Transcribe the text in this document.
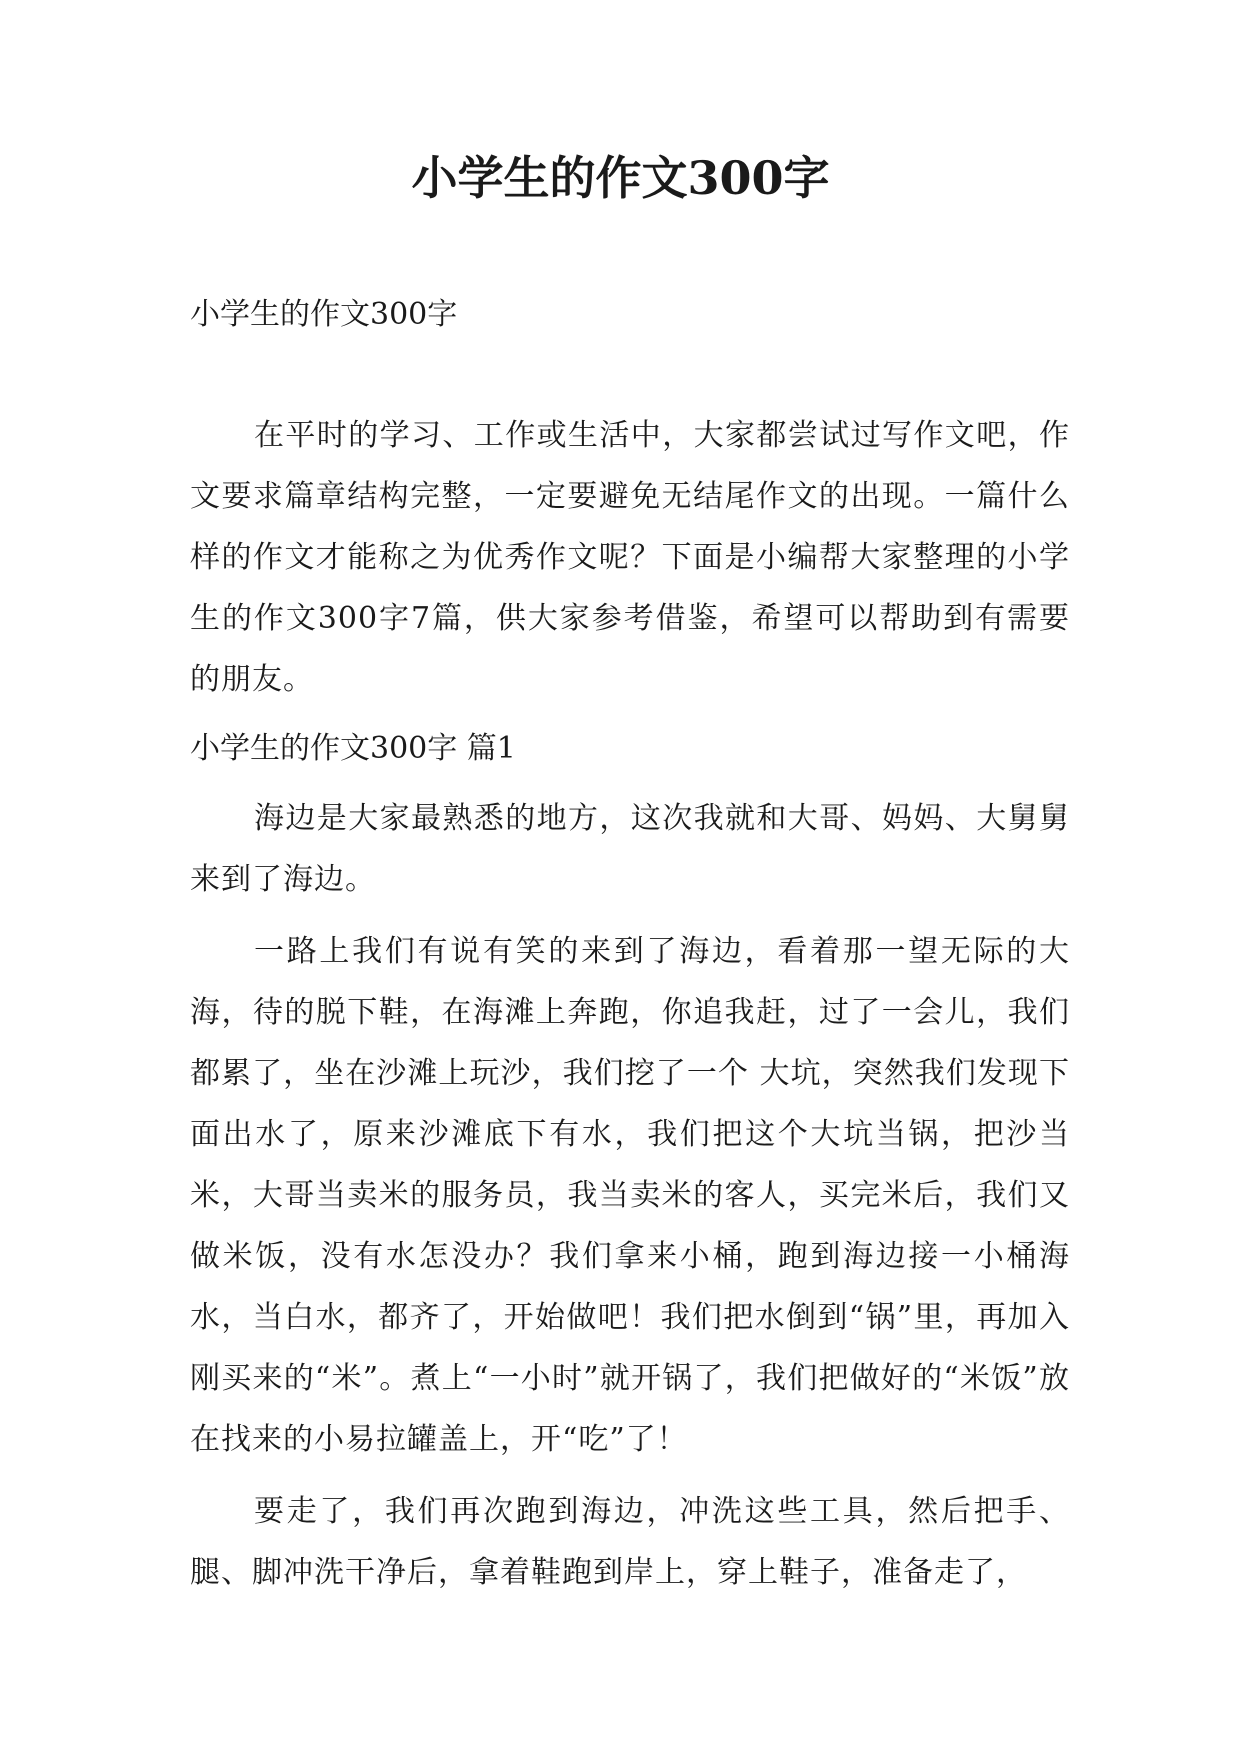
小学生的作文300字

小学生的作文300字

在平时的学习、工作或生活中，大家都尝试过写作文吧，作文要求篇章结构完整，一定要避免无结尾作文的出现。一篇什么样的作文才能称之为优秀作文呢？下面是小编帮大家整理的小学生的作文300字7篇，供大家参考借鉴，希望可以帮助到有需要的朋友。

小学生的作文300字 篇1

海边是大家最熟悉的地方，这次我就和大哥、妈妈、大舅舅来到了海边。

一路上我们有说有笑的来到了海边，看着那一望无际的大海，待的脱下鞋，在海滩上奔跑，你追我赶，过了一会儿，我们都累了，坐在沙滩上玩沙，我们挖了一个 大坑，突然我们发现下面出水了，原来沙滩底下有水，我们把这个大坑当锅，把沙当米，大哥当卖米的服务员，我当卖米的客人，买完米后，我们又做米饭，没有水怎没办？我们拿来小桶，跑到海边接一小桶海水，当白水，都齐了，开始做吧！我们把水倒到“锅”里，再加入刚买来的“米”。煮上“一小时”就开锅了，我们把做好的“米饭”放在找来的小易拉罐盖上，开“吃”了！

要走了，我们再次跑到海边，冲洗这些工具，然后把手、腿、脚冲洗干净后，拿着鞋跑到岸上，穿上鞋子，准备走了，
